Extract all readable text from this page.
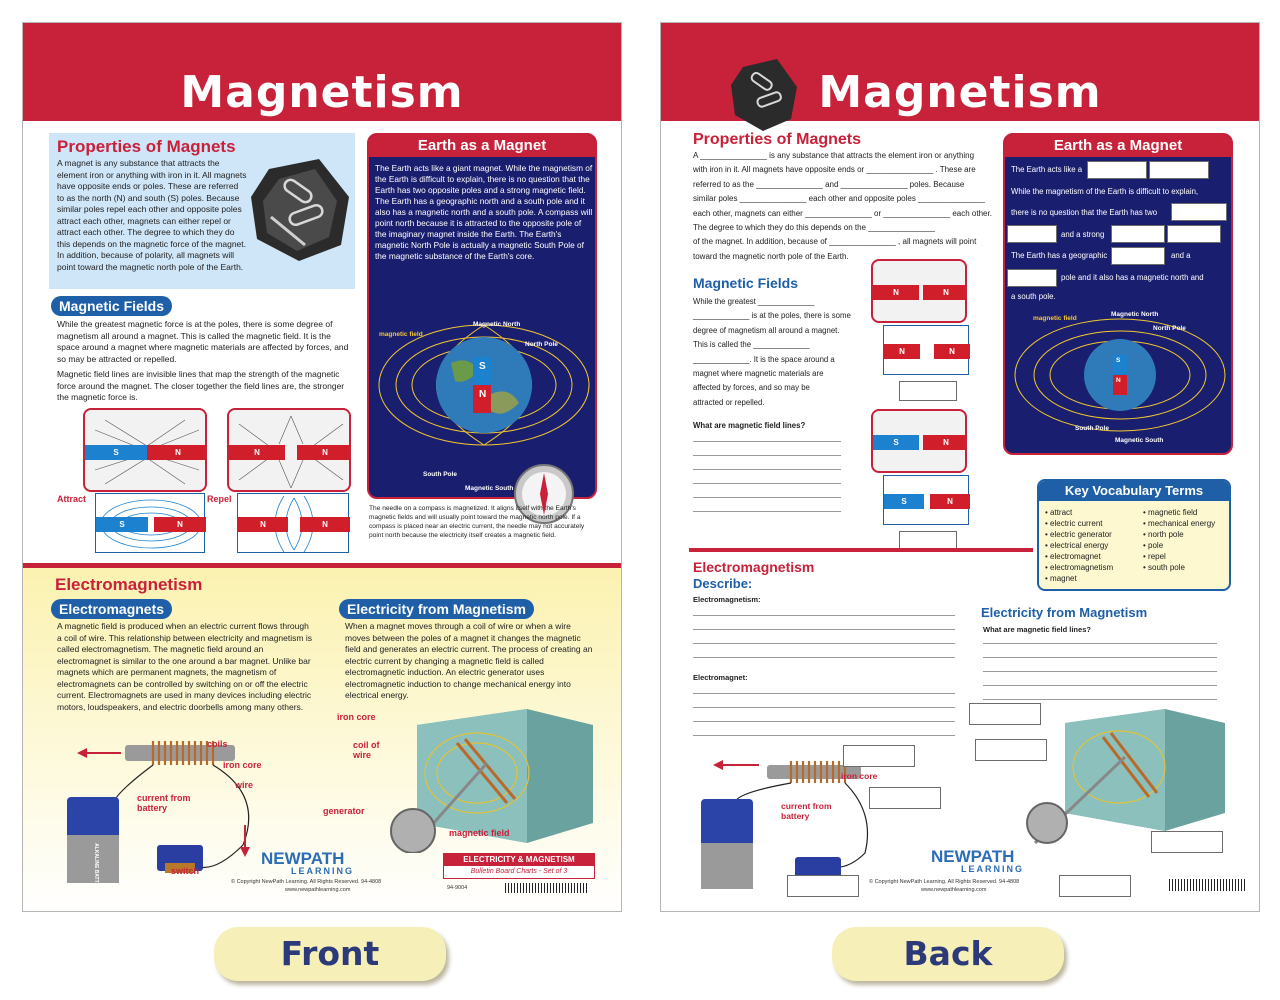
Magnetism
Properties of Magnets
A magnet is any substance that attracts the element iron or anything with iron in it. All magnets have opposite ends or poles. These are referred to as the north (N) and south (S) poles. Because similar poles repel each other and opposite poles attract each other, magnets can either repel or attract each other. The degree to which they do this depends on the magnetic force of the magnet. In addition, because of polarity, all magnets will point toward the magnetic north pole of the Earth.
Magnetic Fields
While the greatest magnetic force is at the poles, there is some degree of magnetism all around a magnet. This is called the magnetic field. It is the space around a magnet where magnetic materials are affected by forces, and so may be attracted or repelled.
Magnetic field lines are invisible lines that map the strength of the magnetic force around the magnet. The closer together the field lines are, the stronger the magnetic force is.
S	N
Attract
S	N
N	N
Repel
N	N
Earth as a Magnet
The Earth acts like a giant magnet. While the magnetism of the Earth is difficult to explain, there is no question that the Earth has two opposite poles and a strong magnetic field. The Earth has a geographic north and a south pole and it also has a magnetic north and a south pole. A compass will point north because it is attracted to the opposite pole of the imaginary magnet inside the Earth. The Earth's magnetic North Pole is actually a magnetic South Pole of the magnetic substance of the Earth's core.
S
N
magnetic field
Magnetic North
North Pole
South Pole
Magnetic South
The needle on a compass is magnetized. It aligns itself with the Earth's magnetic fields and will usually point toward the magnetic north pole. If a compass is placed near an electric current, the needle may not accurately point north because the electricity itself creates a magnetic field.
Electromagnetism
Electromagnets
A magnetic field is produced when an electric current flows through a coil of wire. This relationship between electricity and magnetism is called electromagnetism. The magnetic field around an electromagnet is similar to the one around a bar magnet. Unlike bar magnets which are permanent magnets, the magnetism of electromagnets can be controlled by switching on or off the electric current. Electromagnets are used in many devices including electric motors, loudspeakers, and electric doorbells among many others.
Electricity from Magnetism
When a magnet moves through a coil of wire or when a wire moves between the poles of a magnet it changes the magnetic field and generates an electric current. The process of creating an electric current by changing a magnetic field is called electromagnetic induction. An electric generator uses electromagnetic induction to change mechanical energy into electrical energy.
coils
iron core
wire
current from battery
switch
ALKALINE BATTERY
iron core
coil of wire
generator
magnetic field
NEWPATH
LEARNING
© Copyright NewPath Learning. All Rights Reserved. 94-4808
www.newpathlearning.com
ELECTRICITY & MAGNETISM
Bulletin Board Charts - Set of 3
94-9004
Magnetism
Properties of Magnets
A _______________ is any substance that attracts the element iron or anything
with iron in it. All magnets have opposite ends or _______________ . These are
referred to as the _______________ and _______________ poles. Because
similar poles _______________ each other and opposite poles _______________
each other, magnets can either _______________ or _______________ each other.
The degree to which they do this depends on the _______________
of the magnet. In addition, because of _______________ , all magnets will point
toward the magnetic north pole of the Earth.
Earth as a Magnet
The Earth acts like a
While the magnetism of the Earth is difficult to explain,
there is no question that the Earth has two
and a strong
The Earth has a geographic	and a
pole and it also has a magnetic north and
a south pole.
S
N
magnetic field
Magnetic North
North Pole
South Pole
Magnetic South
Magnetic Fields
While the greatest _____________
_____________ is at the poles, there is some
degree of magnetism all around a magnet.
This is called the _____________
_____________. It is the space around a
magnet where magnetic materials are
affected by forces, and so may be
attracted or repelled.
What are magnetic field lines?
N	N
N	N
S	N
S	N
Key Vocabulary Terms
• attract
• electric current
• electric generator
• electrical energy
• electromagnet
• electromagnetism
• magnet
• magnetic field
• mechanical energy
• north pole
• pole
• repel
• south pole
Electromagnetism
Describe:
Electromagnetism:
Electromagnet:
Electricity from Magnetism
What are magnetic field lines?
iron core
current from battery
NEWPATH
LEARNING
© Copyright NewPath Learning. All Rights Reserved. 94-4808
www.newpathlearning.com
Front	Back
